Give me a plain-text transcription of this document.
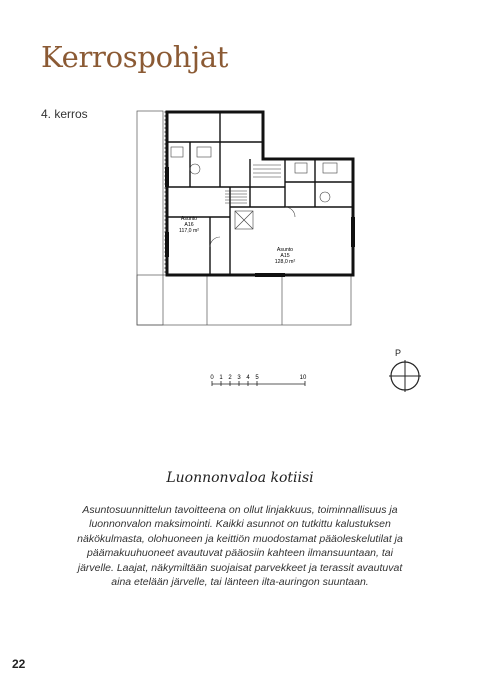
Kerrospohjat
4. kerros
Asunto
A16
117,0 m²
Asunto
A15
128,0 m²
P
0 1 2 3 4 5	10
Luonnonvaloa kotiisi
Asuntosuunnittelun tavoitteena on ollut linjakkuus, toiminnallisuus ja luonnonvalon maksimointi. Kaikki asunnot on tutkittu kalustuksen näkökulmasta, olohuoneen ja keittiön muodostamat pääoleskelutilat ja päämakuuhuoneet avautuvat pääosiin kahteen ilmansuuntaan, tai järvelle. Laajat, näkymiltään suojaisat parvekkeet ja terassit avautuvat aina etelään järvelle, tai länteen ilta-auringon suuntaan.
22
